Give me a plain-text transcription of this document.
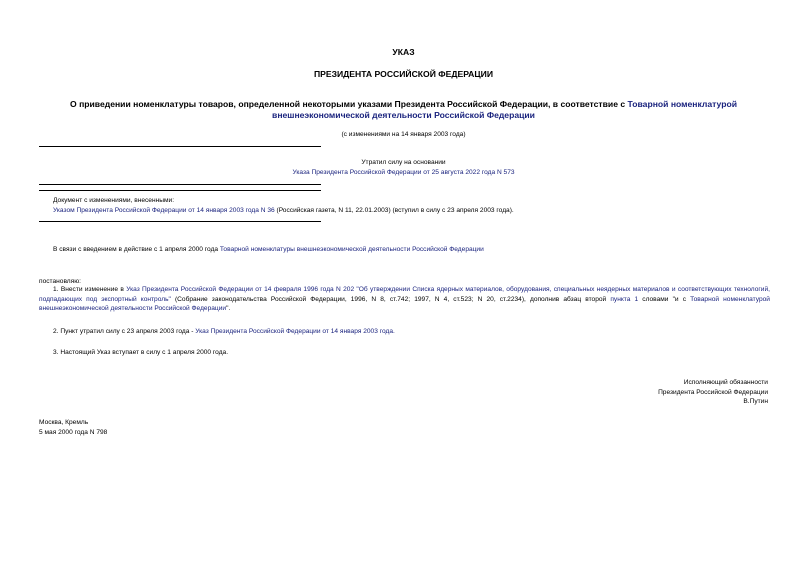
УКАЗ
ПРЕЗИДЕНТА РОССИЙСКОЙ ФЕДЕРАЦИИ
О приведении номенклатуры товаров, определенной некоторыми указами Президента Российской Федерации, в соответствие с Товарной номенклатурой внешнеэкономической деятельности Российской Федерации
(с изменениями на 14 января 2003 года)
Утратил силу на основании
Указа Президента Российской Федерации от 25 августа 2022 года N 573
Документ с изменениями, внесенными:
Указом Президента Российской Федерации от 14 января 2003 года N 36 (Российская газета, N 11, 22.01.2003) (вступил в силу с 23 апреля 2003 года).
В связи с введением в действие с 1 апреля 2000 года Товарной номенклатуры внешнеэкономической деятельности Российской Федерации
постановляю:
1. Внести изменение в Указ Президента Российской Федерации от 14 февраля 1996 года N 202 "Об утверждении Списка ядерных материалов, оборудования, специальных неядерных материалов и соответствующих технологий, подпадающих под экспортный контроль" (Собрание законодательства Российской Федерации, 1996, N 8, ст.742; 1997, N 4, ст.523; N 20, ст.2234), дополнив абзац второй пункта 1 словами "и с Товарной номенклатурой внешнеэкономической деятельности Российской Федерации".
2. Пункт утратил силу с 23 апреля 2003 года - Указ Президента Российской Федерации от 14 января 2003 года.
3. Настоящий Указ вступает в силу с 1 апреля 2000 года.
Исполняющий обязанности
Президента Российской Федерации
В.Путин
Москва, Кремль
5 мая 2000 года N 798
